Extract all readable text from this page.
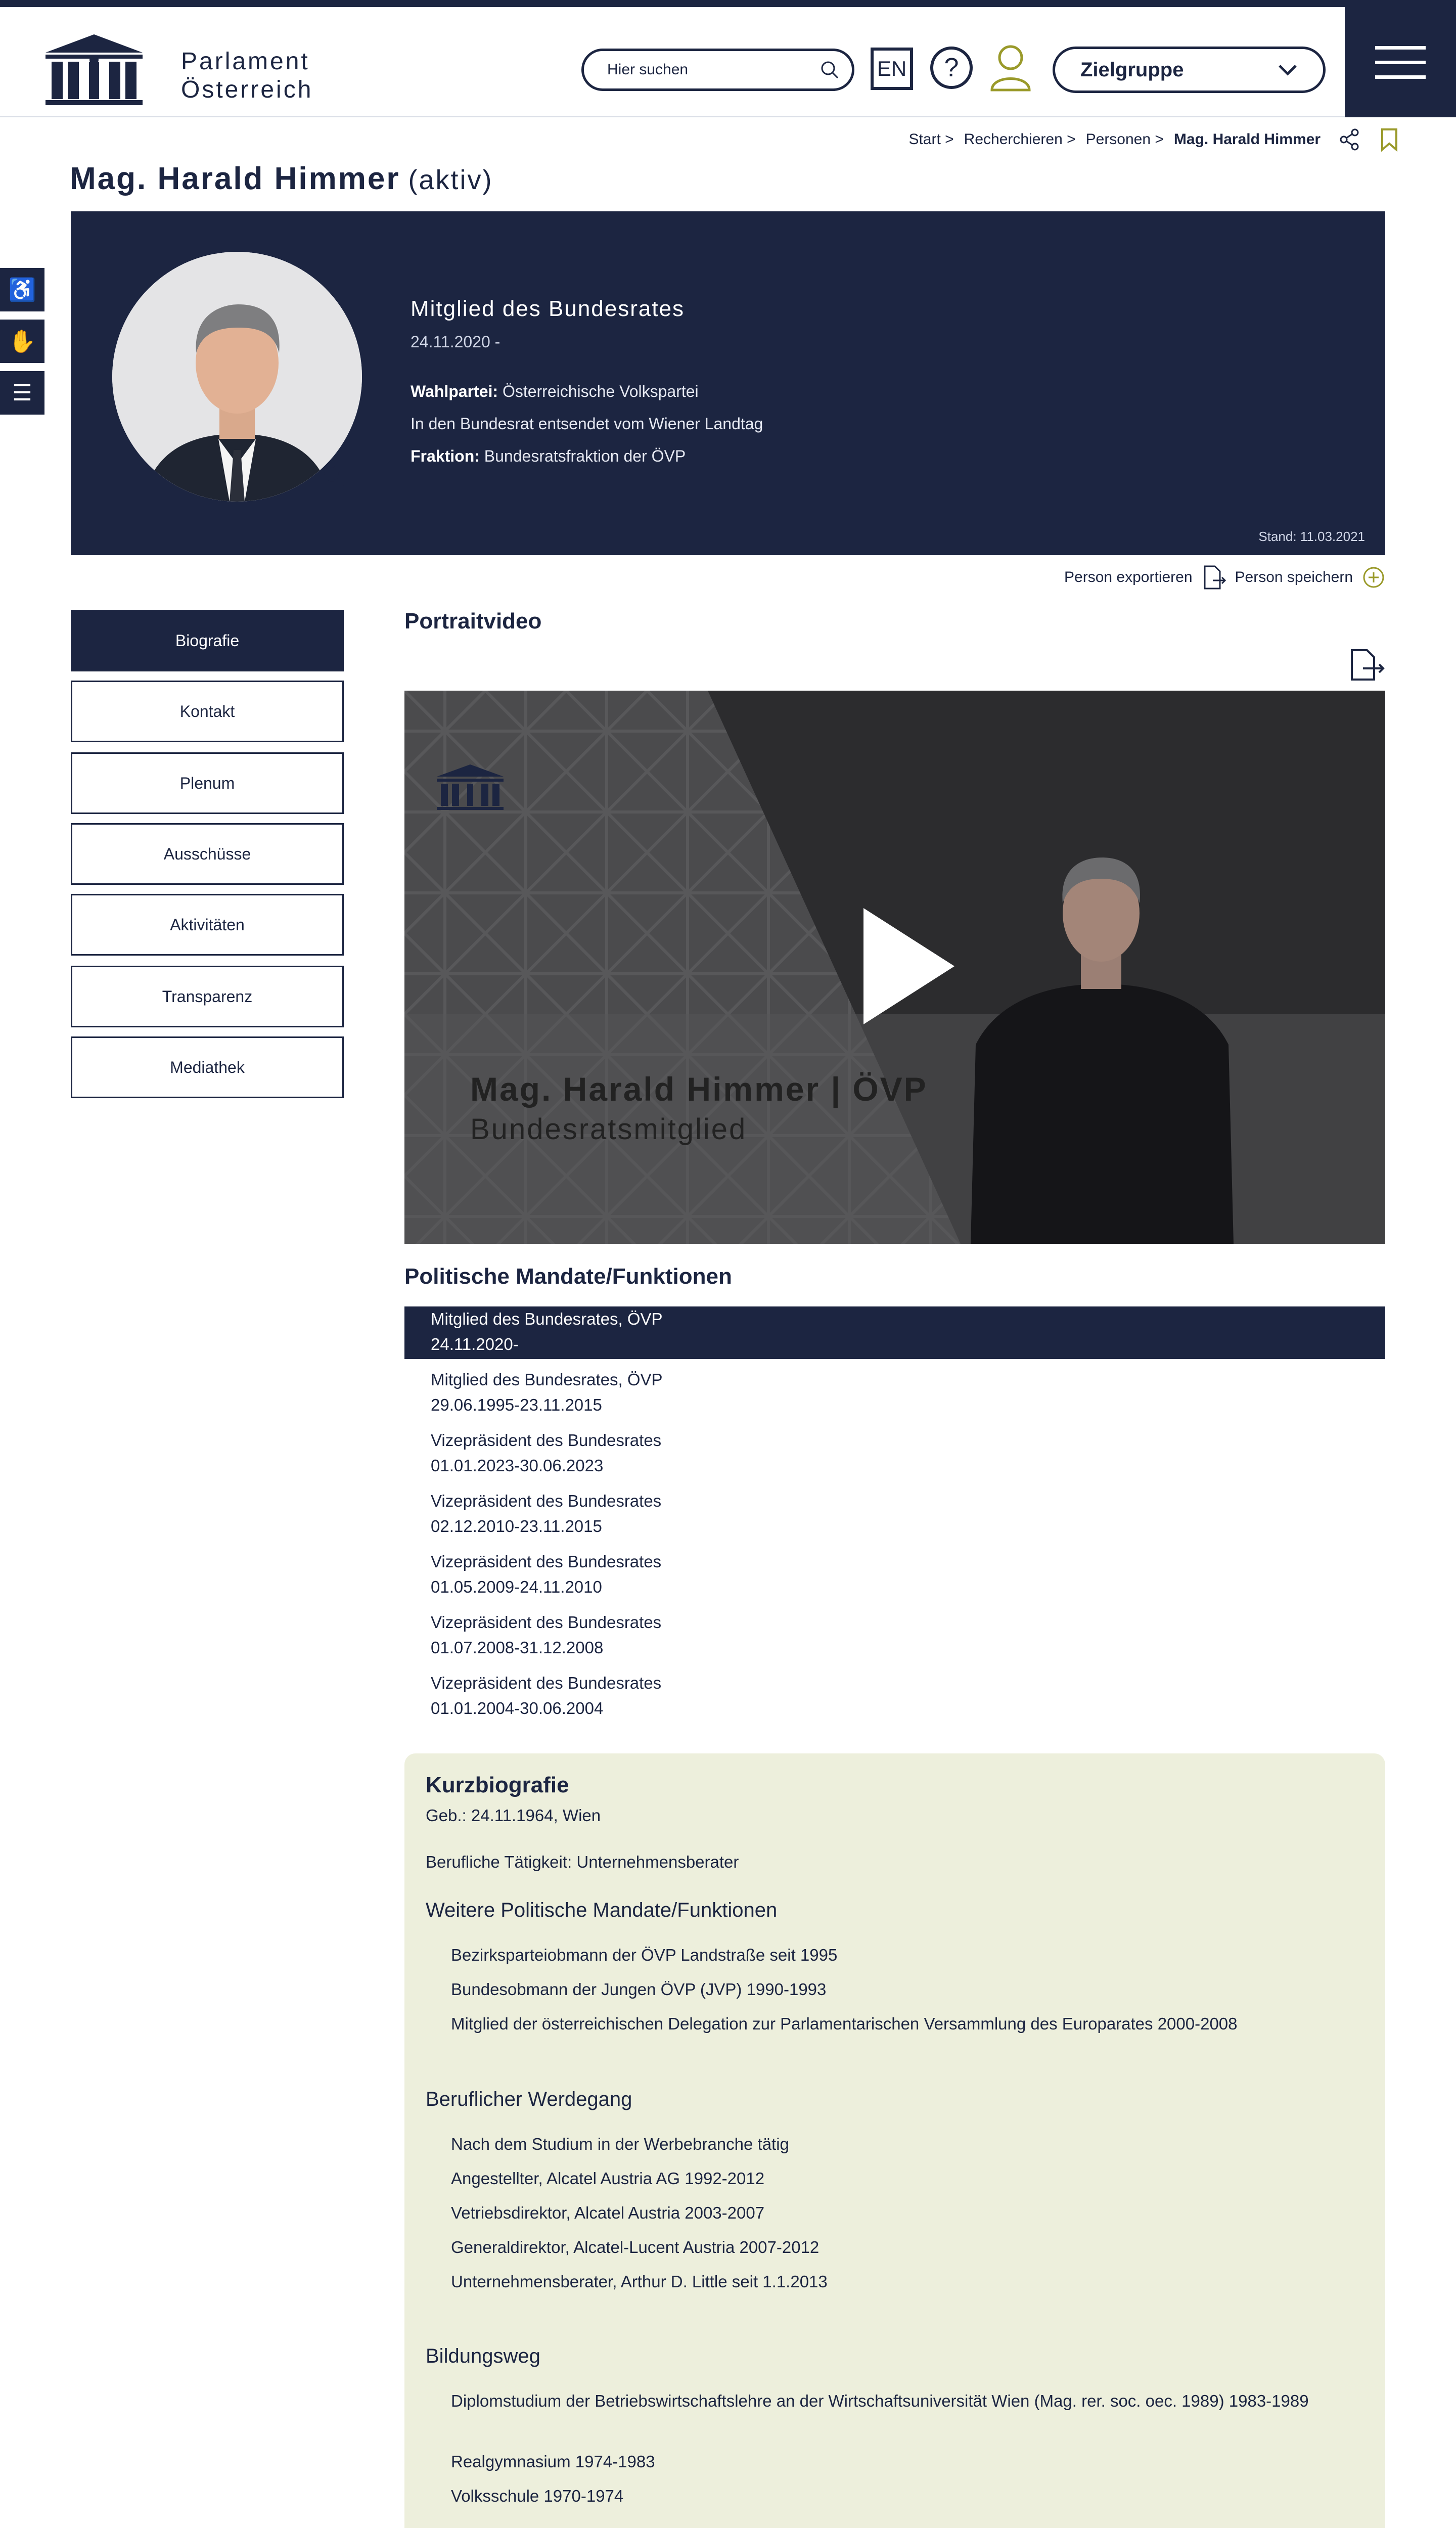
Parlament
Österreich
Hier suchen	EN	?	Zielgruppe
Start > Recherchieren > Personen > Mag. Harald Himmer
Mag. Harald Himmer (aktiv)
♿
✋
☰
Mitglied des Bundesrates
24.11.2020 -
Wahlpartei: Österreichische Volkspartei
In den Bundesrat entsendet vom Wiener Landtag
Fraktion: Bundesratsfraktion der ÖVP
Stand: 11.03.2021
Person exportieren	Person speichern
Biografie
Kontakt
Plenum
Ausschüsse
Aktivitäten
Transparenz
Mediathek
Portraitvideo
Mag. Harald Himmer | ÖVP
Bundesratsmitglied
Politische Mandate/Funktionen
Mitglied des Bundesrates, ÖVP
24.11.2020-
Mitglied des Bundesrates, ÖVP
29.06.1995-23.11.2015
Vizepräsident des Bundesrates
01.01.2023-30.06.2023
Vizepräsident des Bundesrates
02.12.2010-23.11.2015
Vizepräsident des Bundesrates
01.05.2009-24.11.2010
Vizepräsident des Bundesrates
01.07.2008-31.12.2008
Vizepräsident des Bundesrates
01.01.2004-30.06.2004
Kurzbiografie
Geb.: 24.11.1964, Wien
Berufliche Tätigkeit: Unternehmensberater
Weitere Politische Mandate/Funktionen
Bezirksparteiobmann der ÖVP Landstraße seit 1995
Bundesobmann der Jungen ÖVP (JVP) 1990-1993
Mitglied der österreichischen Delegation zur Parlamentarischen Versammlung des Europarates 2000-2008
Beruflicher Werdegang
Nach dem Studium in der Werbebranche tätig
Angestellter, Alcatel Austria AG 1992-2012
Vetriebsdirektor, Alcatel Austria 2003-2007
Generaldirektor, Alcatel-Lucent Austria 2007-2012
Unternehmensberater, Arthur D. Little seit 1.1.2013
Bildungsweg
Diplomstudium der Betriebswirtschaftslehre an der Wirtschaftsuniversität Wien (Mag. rer. soc. oec. 1989) 1983-1989
Realgymnasium 1974-1983
Volksschule 1970-1974
